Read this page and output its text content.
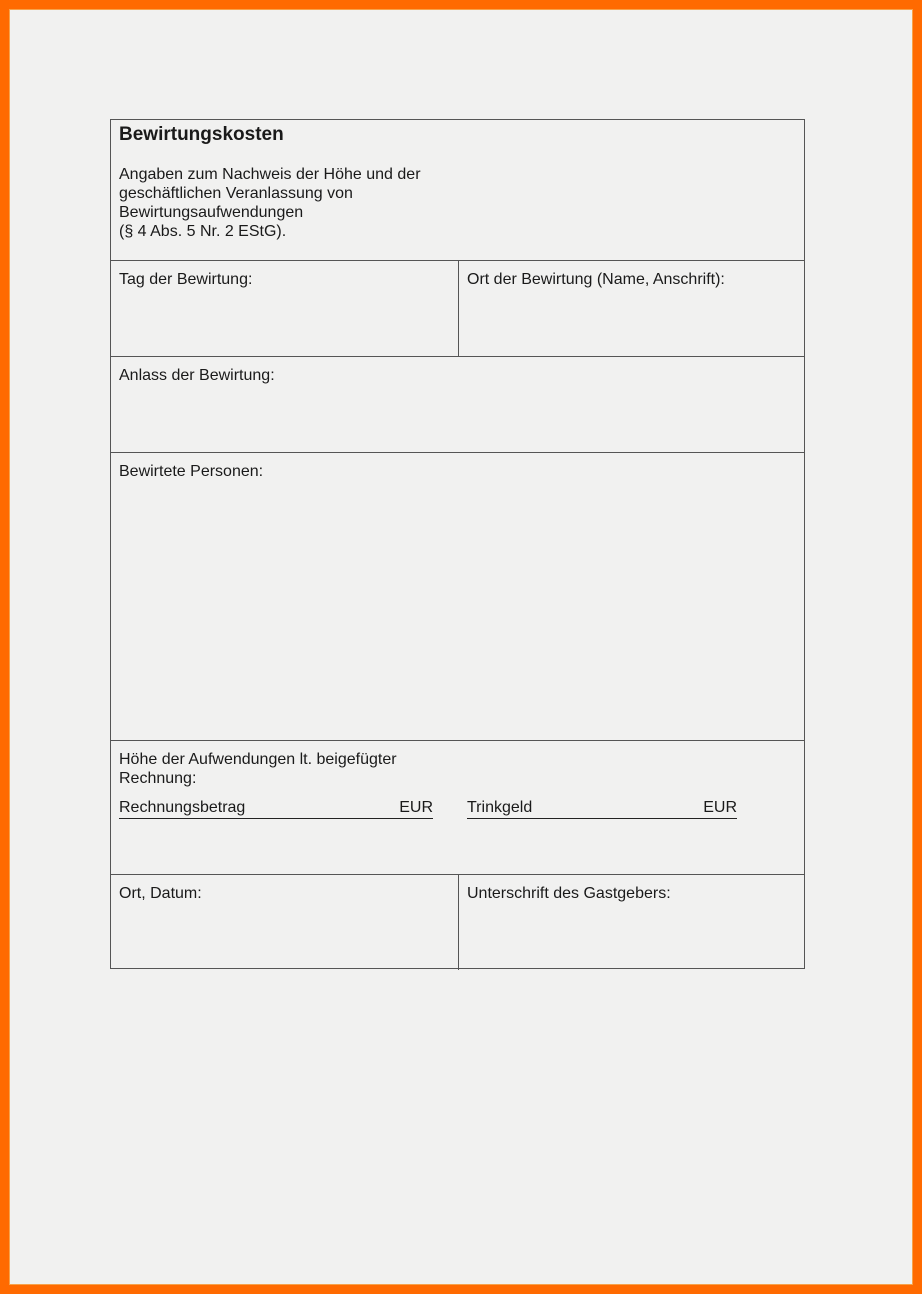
Bewirtungskosten
Angaben zum Nachweis der Höhe und der
geschäftlichen Veranlassung von
Bewirtungsaufwendungen
(§ 4 Abs. 5 Nr. 2 EStG).
Tag der Bewirtung:	Ort der Bewirtung (Name, Anschrift):
Anlass der Bewirtung:
Bewirtete Personen:
Höhe der Aufwendungen lt. beigefügter
Rechnung:
Rechnungsbetrag	EUR Trinkgeld	EUR
Ort, Datum:	Unterschrift des Gastgebers:
